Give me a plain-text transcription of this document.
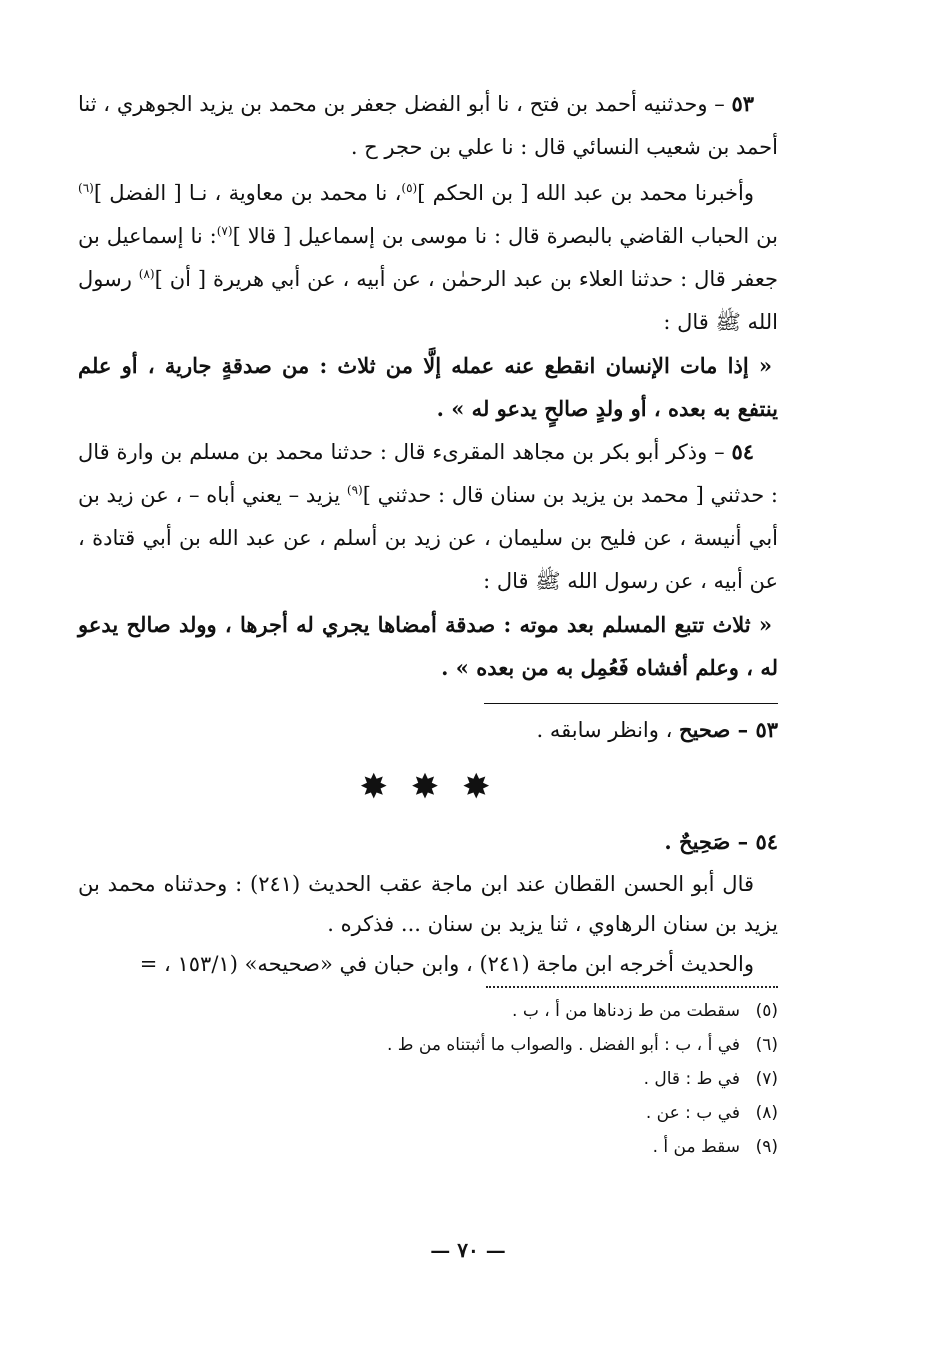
٥٣ – وحدثنيه أحمد بن فتح ، نا أبو الفضل جعفر بن محمد بن يزيد الجوهري ، ثنا أحمد بن شعيب النسائي قال : نا علي بن حجر ح .

وأخبرنا محمد بن عبد الله [ بن الحكم ]$^{(٥)}$، نا محمد بن معاوية ، نـا [ الفضل ]$^{(٦)}$ بن الحباب القاضي بالبصرة قال : نا موسى بن إسماعيل [ قالا ]$^{(٧)}$: نا إسماعيل بن جعفر قال : حدثنا العلاء بن عبد الرحمٰن ، عن أبيه ، عن أبي هريرة [ أن ]$^{(٨)}$ رسول الله ﷺ قال :

« إذا مات الإنسان انقطع عنه عمله إلَّا من ثلاث : من صدقةٍ جارية ، أو علم ينتفع به بعده ، أو ولدٍ صالحٍ يدعو له » .

٥٤ – وذكر أبو بكر بن مجاهد المقرىء قال : حدثنا محمد بن مسلم بن وارة قال : حدثني [ محمد بن يزيد بن سنان قال : حدثني ]$^{(٩)}$ يزيد – يعني أباه – ، عن زيد بن أبي أنيسة ، عن فليح بن سليمان ، عن زيد بن أسلم ، عن عبد الله بن أبي قتادة ، عن أبيه ، عن رسول الله ﷺ قال :

« ثلاث تتبع المسلم بعد موته : صدقة أمضاها يجري له أجرها ، وولد صالح يدعو له ، وعلم أفشاه فَعُمِل به من بعده » .

٥٣ – صحيح ، وانظر سابقه .

✸ ✸ ✸

٥٤ – صَحِيحٌ .

قال أبو الحسن القطان عند ابن ماجة عقب الحديث (٢٤١) : وحدثناه محمد بن يزيد بن سنان الرهاوي ، ثنا يزيد بن سنان ... فذكره .

والحديث أخرجه ابن ماجة (٢٤١) ، وابن حبان في «صحيحه» (١٥٣/١ ، =

(٥)سقطت من ط زدناها من أ ، ب .
(٦)في أ ، ب : أبو الفضل . والصواب ما أثبتناه من ط .
(٧)في ط : قال .
(٨)في ب : عن .
(٩)سقط من أ .
— ٧٠ —
